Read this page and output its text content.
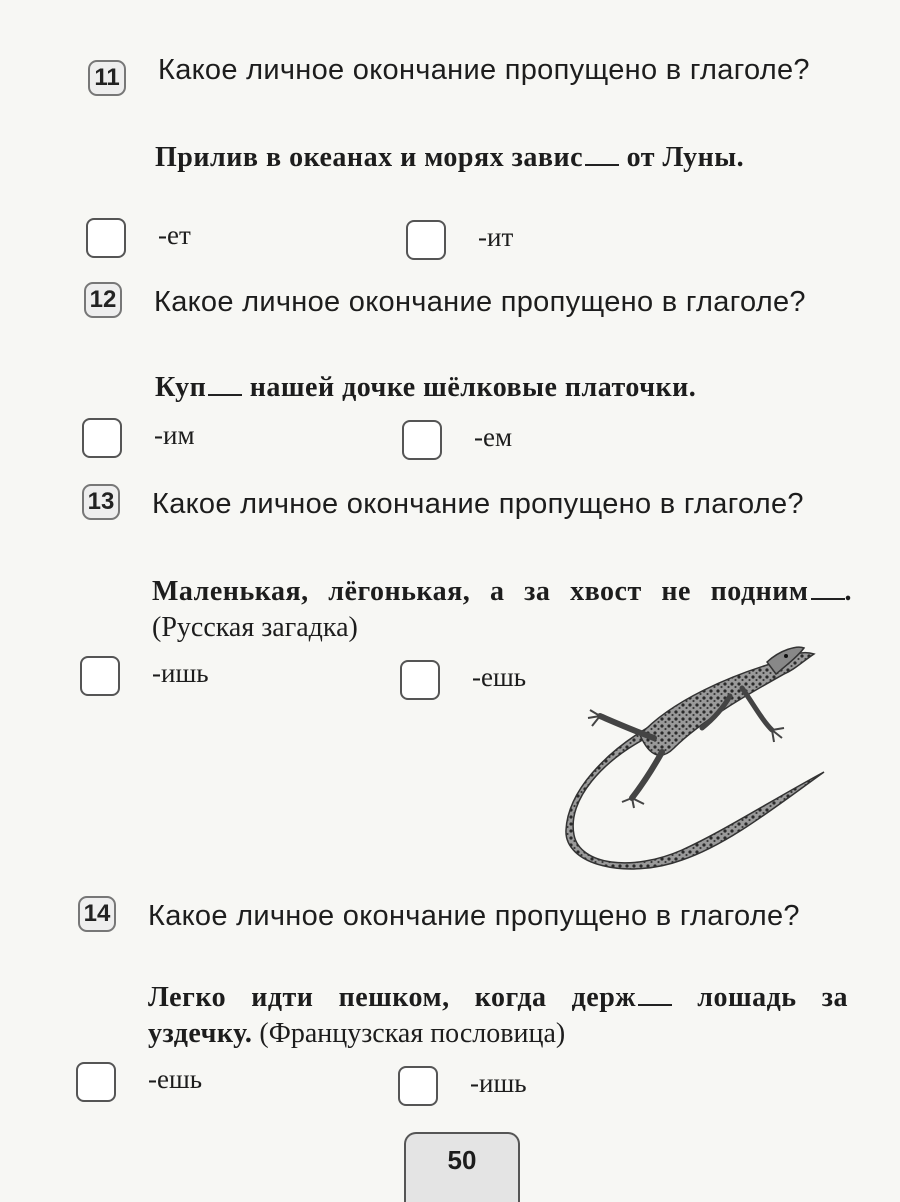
11 Какое личное окончание пропущено в глаголе?
Прилив в океанах и морях завис от Луны.
-ет	-ит
12 Какое личное окончание пропущено в глаголе?
Куп нашей дочке шёлковые платочки.
-им	-ем
13 Какое личное окончание пропущено в глаголе?
Маленькая, лёгонькая, а за хвост не подним . (Русская загадка)
-ишь	-ешь
14 Какое личное окончание пропущено в глаголе?
Легко идти пешком, когда держ лошадь за уздечку. (Французская пословица)
-ешь	-ишь
50
